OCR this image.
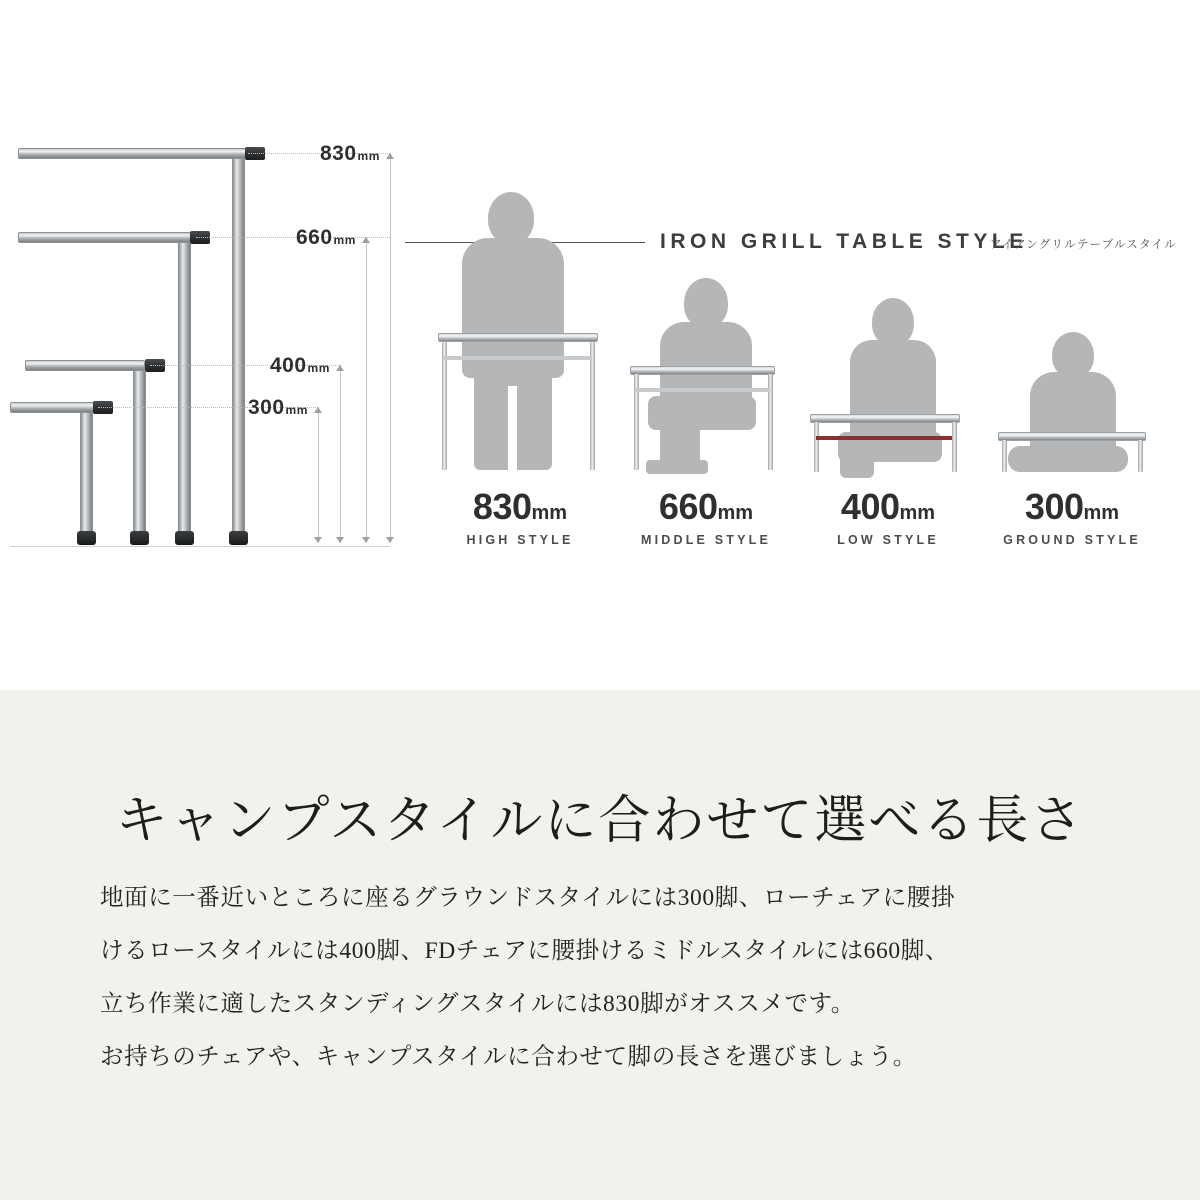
830mm
660mm
400mm
300mm
IRON GRILL TABLE STYLE
アイアングリルテーブルスタイル
830mm
HIGH STYLE
660mm
MIDDLE STYLE
400mm
LOW STYLE
300mm
GROUND STYLE
キャンプスタイルに合わせて選べる長さ
地面に一番近いところに座るグラウンドスタイルには300脚、ローチェアに腰掛
けるロースタイルには400脚、FDチェアに腰掛けるミドルスタイルには660脚、
立ち作業に適したスタンディングスタイルには830脚がオススメです。
お持ちのチェアや、キャンプスタイルに合わせて脚の長さを選びましょう。
